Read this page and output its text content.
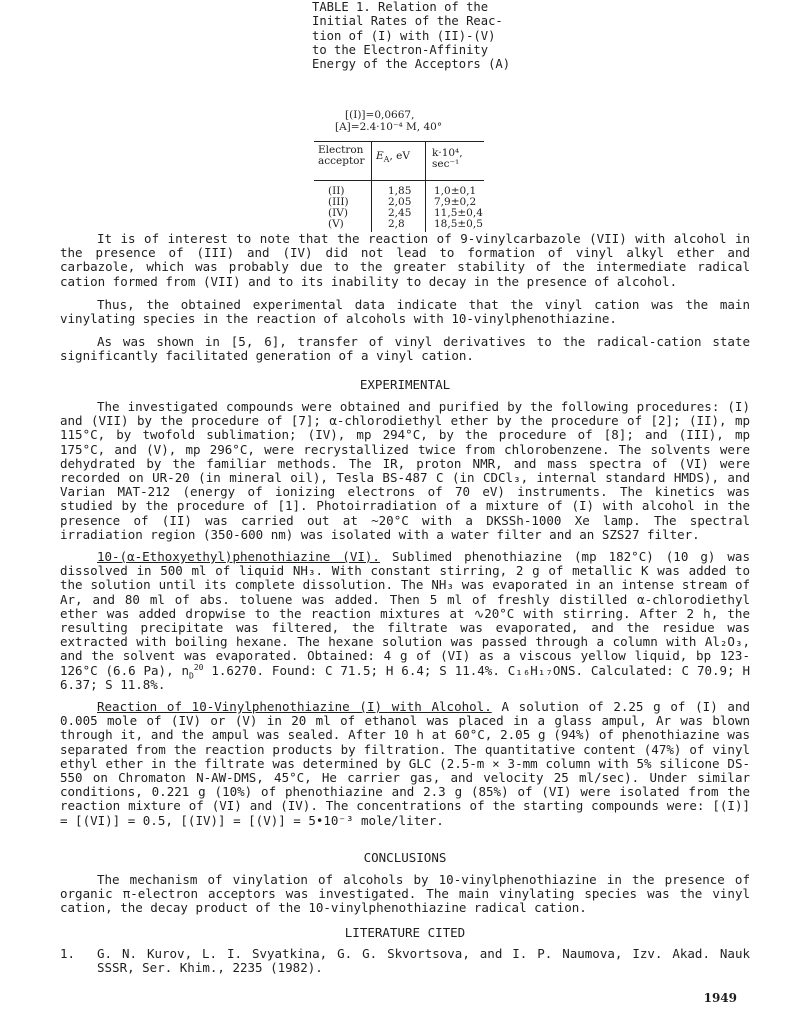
TABLE 1. Relation of the
Initial Rates of the Reac-
tion of (I) with (II)-(V)
to the Electron-Affinity
Energy of the Acceptors (A)
[(I)]=0,0667,
[A]=2.4·10⁻⁴ M, 40°
Electron
acceptor $E_A$, eV k·10⁴,
sec⁻¹
(II)
(III)
(IV)
(V)
1,85
2,05
2,45
2,8
1,0±0,1
7,9±0,2
11,5±0,4
18,5±0,5

It is of interest to note that the reaction of 9-vinylcarbazole (VII) with alcohol in the presence of (III) and (IV) did not lead to formation of vinyl alkyl ether and carbazole, which was probably due to the greater stability of the intermediate radical cation formed from (VII) and to its inability to decay in the presence of alcohol.

Thus, the obtained experimental data indicate that the vinyl cation was the main vinylating species in the reaction of alcohols with 10-vinylphenothiazine.

As was shown in [5, 6], transfer of vinyl derivatives to the radical-cation state significantly facilitated generation of a vinyl cation.

EXPERIMENTAL

The investigated compounds were obtained and purified by the following procedures: (I) and (VII) by the procedure of [7]; α-chlorodiethyl ether by the procedure of [2]; (II), mp 115°C, by twofold sublimation; (IV), mp 294°C, by the procedure of [8]; and (III), mp 175°C, and (V), mp 296°C, were recrystallized twice from chlorobenzene. The solvents were dehydrated by the familiar methods. The IR, proton NMR, and mass spectra of (VI) were recorded on UR-20 (in mineral oil), Tesla BS-487 C (in CDCl₃, internal standard HMDS), and Varian MAT-212 (energy of ionizing electrons of 70 eV) instruments. The kinetics was studied by the procedure of [1]. Photoirradiation of a mixture of (I) with alcohol in the presence of (II) was carried out at ~20°C with a DKSSh-1000 Xe lamp. The spectral irradiation region (350-600 nm) was isolated with a water filter and an SZS27 filter.

10-(α-Ethoxyethyl)phenothiazine (VI). Sublimed phenothiazine (mp 182°C) (10 g) was dissolved in 500 ml of liquid NH₃. With constant stirring, 2 g of metallic K was added to the solution until its complete dissolution. The NH₃ was evaporated in an intense stream of Ar, and 80 ml of abs. toluene was added. Then 5 ml of freshly distilled α-chlorodiethyl ether was added dropwise to the reaction mixtures at ∿20°C with stirring. After 2 h, the resulting precipitate was filtered, the filtrate was evaporated, and the residue was extracted with boiling hexane. The hexane solution was passed through a column with Al₂O₃, and the solvent was evaporated. Obtained: 4 g of (VI) as a viscous yellow liquid, bp 123-126°C (6.6 Pa), $n_D^{20}$ 1.6270. Found: C 71.5; H 6.4; S 11.4%. C₁₆H₁₇ONS. Calculated: C 70.9; H 6.37; S 11.8%.

Reaction of 10-Vinylphenothiazine (I) with Alcohol. A solution of 2.25 g of (I) and 0.005 mole of (IV) or (V) in 20 ml of ethanol was placed in a glass ampul, Ar was blown through it, and the ampul was sealed. After 10 h at 60°C, 2.05 g (94%) of phenothiazine was separated from the reaction products by filtration. The quantitative content (47%) of vinyl ethyl ether in the filtrate was determined by GLC (2.5-m × 3-mm column with 5% silicone DS-550 on Chromaton N-AW-DMS, 45°C, He carrier gas, and velocity 25 ml/sec). Under similar conditions, 0.221 g (10%) of phenothiazine and 2.3 g (85%) of (VI) were isolated from the reaction mixture of (VI) and (IV). The concentrations of the starting compounds were: [(I)] = [(VI)] = 0.5, [(IV)] = [(V)] = 5•10⁻³ mole/liter.

CONCLUSIONS

The mechanism of vinylation of alcohols by 10-vinylphenothiazine in the presence of organic π-electron acceptors was investigated. The main vinylating species was the vinyl cation, the decay product of the 10-vinylphenothiazine radical cation.

LITERATURE CITED
1. G. N. Kurov, L. I. Svyatkina, G. G. Skvortsova, and I. P. Naumova, Izv. Akad. Nauk SSSR, Ser. Khim., 2235 (1982).
1949
